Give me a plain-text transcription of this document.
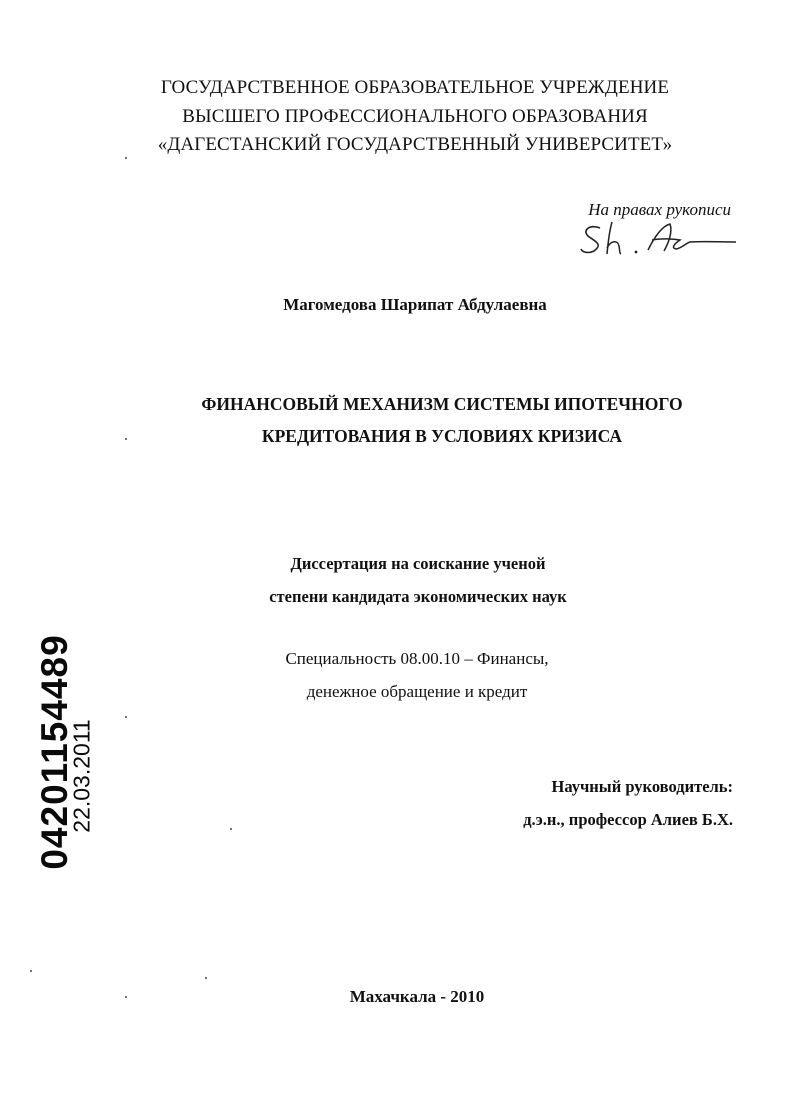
ГОСУДАРСТВЕННОЕ ОБРАЗОВАТЕЛЬНОЕ УЧРЕЖДЕНИЕ
ВЫСШЕГО ПРОФЕССИОНАЛЬНОГО ОБРАЗОВАНИЯ
«ДАГЕСТАНСКИЙ ГОСУДАРСТВЕННЫЙ УНИВЕРСИТЕТ»
На правах рукописи
Магомедова Шарипат Абдулаевна
ФИНАНСОВЫЙ МЕХАНИЗМ СИСТЕМЫ ИПОТЕЧНОГО
КРЕДИТОВАНИЯ В УСЛОВИЯХ КРИЗИСА
Диссертация на соискание ученой
степени кандидата экономических наук
Специальность 08.00.10 – Финансы,
денежное обращение и кредит
Научный руководитель:
д.э.н., профессор Алиев Б.Х.
Махачкала - 2010
04201154489
22.03.2011
